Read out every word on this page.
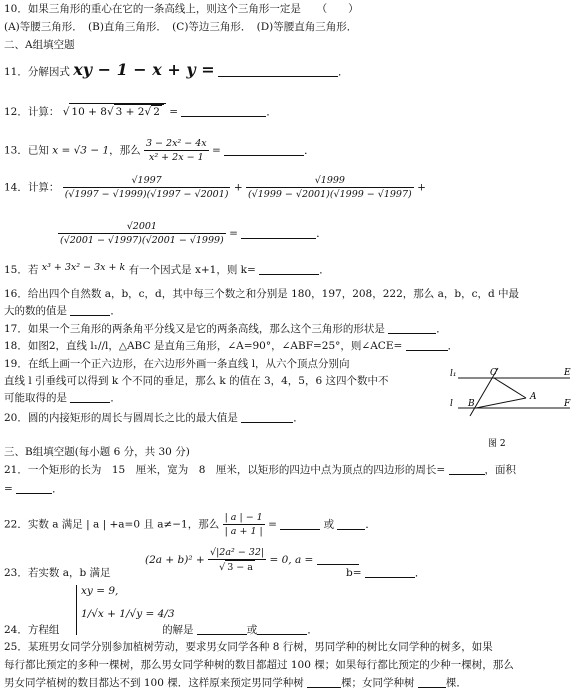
10．如果三角形的重心在它的一条高线上，则这个三角形一定是　　（　　）
(A)等腰三角形．　(B)直角三角形．　(C)等边三角形．　(D)等腰直角三角形．
二、A组填空题
11．分解因式 xy − 1 − x + y =	．
12．计算： √ 10 + 8√ 3 + 2√ 2 =	．
13．已知 x = √3 − 1，那么 $\frac{\text{3 − 2x² − 4x}}{\text{x² + 2x − 1}}$ =	．
14．计算： $\frac{√1997}{(√1997 - √1999)(√1997 - √2001)} + \frac{√1999}{(√1999 - √2001)(√1999 - √1997)}$ +
$\frac{√2001}{(√2001 - √1997)(√2001 - √1999)}$ =	．
15．若 x³ + 3x² − 3x + k 有一个因式是 x+1，则 k=	．
16．给出四个自然数 a，b，c，d，其中每三个数之和分别是 180，197，208，222，那么 a，b，c，d 中最
大的数的值是	．
17．如果一个三角形的两条角平分线又是它的两条高线，那么这个三角形的形状是	．
18．如图2，直线 l₁//l，△ABC 是直角三角形，∠A=90°，∠ABF=25°，则∠ACE=	．
19．在纸上画一个正六边形，在六边形外画一条直线 l，从六个顶点分别向
直线 l 引垂线可以得到 k 个不同的垂足，那么 k 的值在 3，4，5，6 这四个数中不
可能取得的是	．
20．圆的内接矩形的周长与圆周长之比的最大值是	．
l₁
l
C	E
B
A
F
图 2
三、B组填空题(每小题 6 分，共 30 分)
21．一个矩形的长为　15　厘米，宽为　8　厘米，以矩形的四边中点为顶点的四边形的周长=	，面积
=	．
22．实数 a 满足 | a | +a=0 且 a≠−1，那么 $\frac{| a | - 1}{| a + 1 |}$ =	或	．
$(2a + b)^2 + \frac{\text{√|2a² − 32|}}{√ 3 - a} = 0$, a =
23．若实数 a，b 满足	b=	．
xy = 9,
1/√x + 1/√y = 4/3
24．方程组	的解是	或	．
25．某班男女同学分别参加植树劳动，要求男女同学各种 8 行树，男同学种的树比女同学种的树多，如果
每行都比预定的多种一棵树，那么男女同学种树的数目都超过 100 棵；如果每行都比预定的少种一棵树，那么
男女同学植树的数目都达不到 100 棵．这样原来预定男同学种树	棵；女同学种树	棵．
